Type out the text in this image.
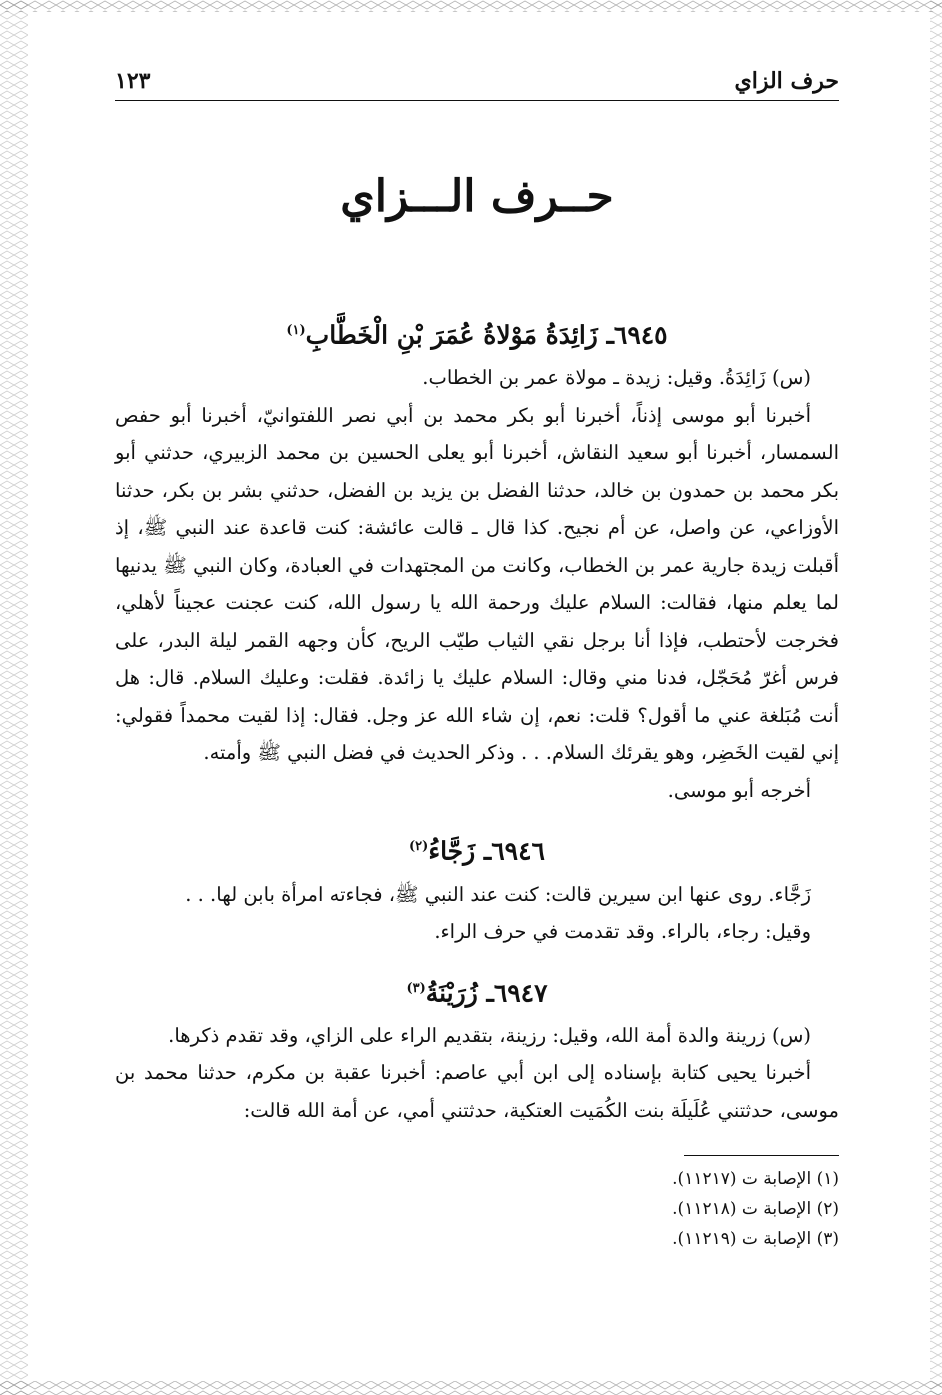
حرف الزاي
١٢٣
حــرف الـــزاي
٦٩٤٥ـ زَائِدَةُ مَوْلاةُ عُمَرَ بْنِ الْخَطَّابِ$^{(١)}$

(س) زَائِدَةُ. وقيل: زيدة ـ مولاة عمر بن الخطاب.

أخبرنا أبو موسى إذناً، أخبرنا أبو بكر محمد بن أبي نصر اللفتوانيّ، أخبرنا أبو حفص السمسار، أخبرنا أبو سعيد النقاش، أخبرنا أبو يعلى الحسين بن محمد الزبيري، حدثني أبو بكر محمد بن حمدون بن خالد، حدثنا الفضل بن يزيد بن الفضل، حدثني بشر بن بكر، حدثنا الأوزاعي، عن واصل، عن أم نجيح. كذا قال ـ قالت عائشة: كنت قاعدة عند النبي ﷺ، إذ أقبلت زيدة جارية عمر بن الخطاب، وكانت من المجتهدات في العبادة، وكان النبي ﷺ يدنيها لما يعلم منها، فقالت: السلام عليك ورحمة الله يا رسول الله، كنت عجنت عجيناً لأهلي، فخرجت لأحتطب، فإذا أنا برجل نقي الثياب طيّب الريح، كأن وجهه القمر ليلة البدر، على فرس أغرّ مُحَجّل، فدنا مني وقال: السلام عليك يا زائدة. فقلت: وعليك السلام. قال: هل أنت مُبَلغة عني ما أقول؟ قلت: نعم، إن شاء الله عز وجل. فقال: إذا لقيت محمداً فقولي: إني لقيت الخَضِر، وهو يقرئك السلام. . . وذكر الحديث في فضل النبي ﷺ وأمته.

أخرجه أبو موسى.

٦٩٤٦ـ زَجَّاءُ$^{(٢)}$

زَجَّاء. روى عنها ابن سيرين قالت: كنت عند النبي ﷺ، فجاءته امرأة بابن لها. . .

وقيل: رجاء، بالراء. وقد تقدمت في حرف الراء.

٦٩٤٧ـ زُرَيْنَةُ$^{(٣)}$

(س) زرينة والدة أمة الله، وقيل: رزينة، بتقديم الراء على الزاي، وقد تقدم ذكرها.

أخبرنا يحيى كتابة بإسناده إلى ابن أبي عاصم: أخبرنا عقبة بن مكرم، حدثنا محمد بن موسى، حدثتني عُلَيلَة بنت الكُمَيت العتكية، حدثتني أمي، عن أمة الله قالت:

(١) الإصابة ت (١١٢١٧).

(٢) الإصابة ت (١١٢١٨).

(٣) الإصابة ت (١١٢١٩).
